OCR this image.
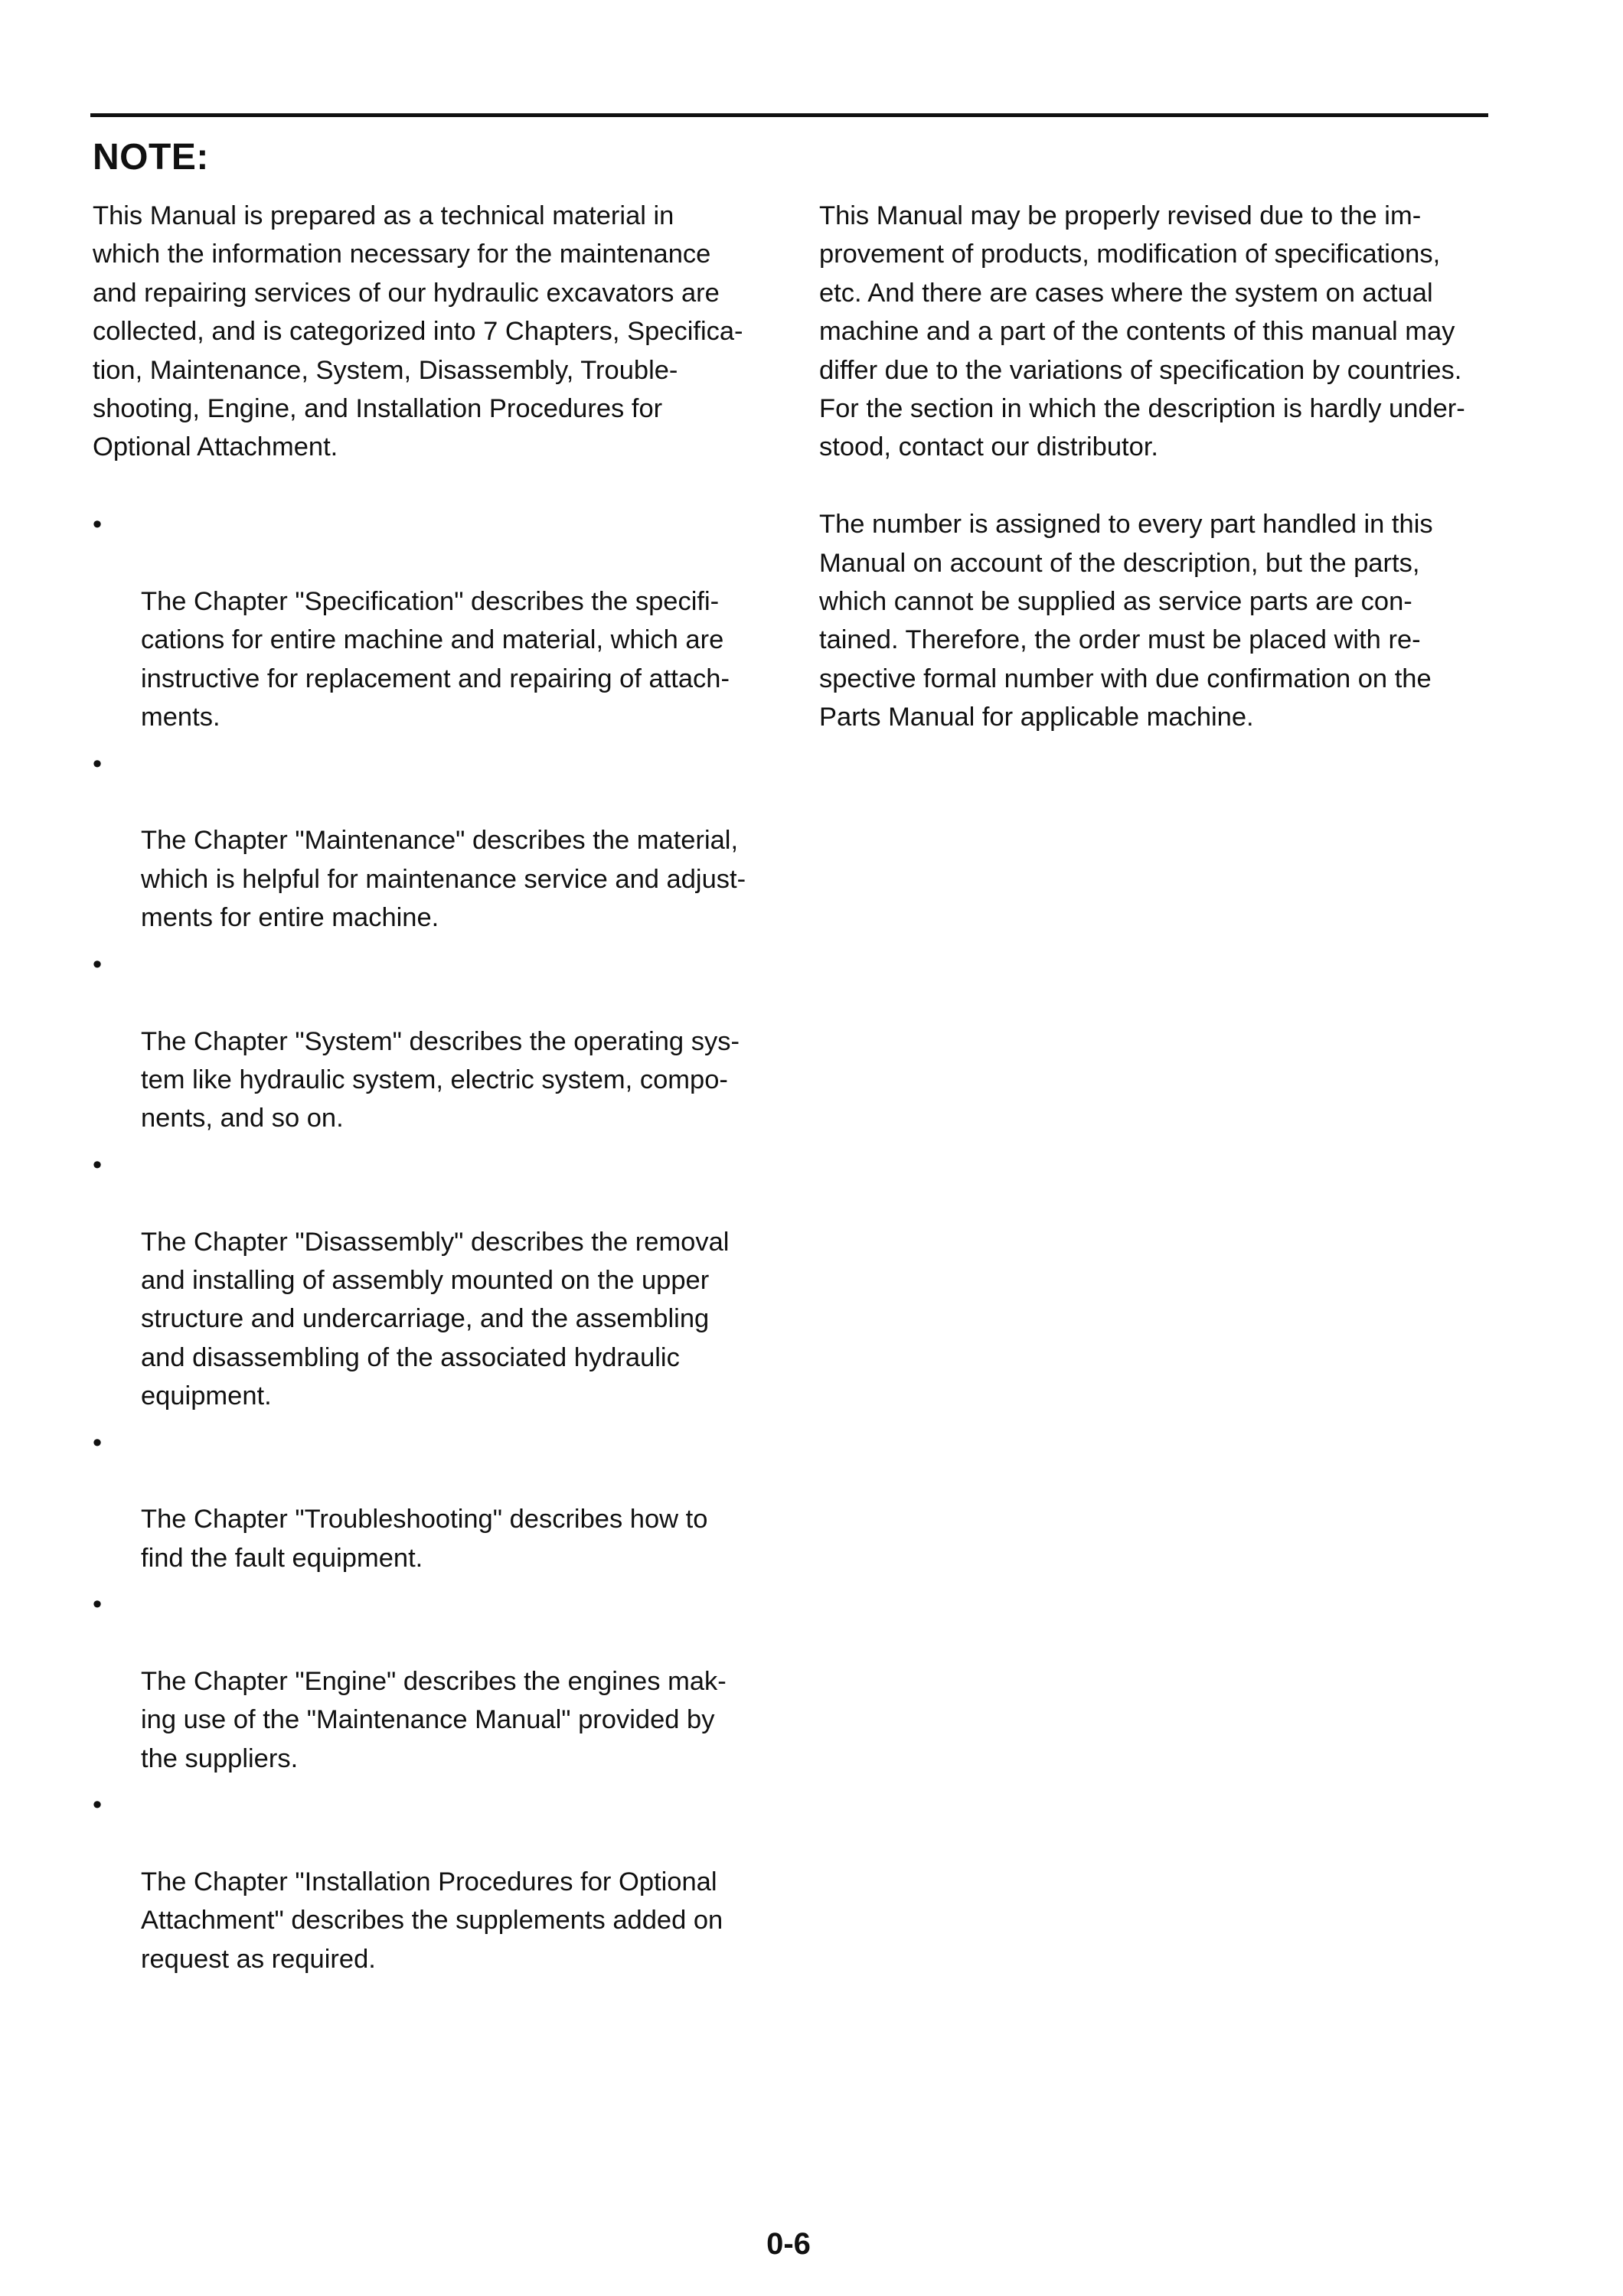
NOTE:

This Manual is prepared as a technical material in
which the information necessary for the maintenance
and repairing services of our hydraulic excavators are
collected, and is categorized into 7 Chapters, Specifica-
tion, Maintenance, System, Disassembly, Trouble-
shooting, Engine, and Installation Procedures for
Optional Attachment.

•

The Chapter "Specification" describes the specifi-
cations for entire machine and material, which are
instructive for replacement and repairing of attach-
ments.

•

The Chapter "Maintenance" describes the material,
which is helpful for maintenance service and adjust-
ments for entire machine.

•

The Chapter "System" describes the operating sys-
tem like hydraulic system, electric system, compo-
nents, and so on.

•

The Chapter "Disassembly" describes the removal
and installing of assembly mounted on the upper
structure and undercarriage, and the assembling
and disassembling of the associated hydraulic
equipment.

•

The Chapter "Troubleshooting" describes how to
find the fault equipment.

•

The Chapter "Engine" describes the engines mak-
ing use of the "Maintenance Manual" provided by
the suppliers.

•

The Chapter "Installation Procedures for Optional
Attachment" describes the supplements added on
request as required.

This Manual may be properly revised due to the im-
provement of products, modification of specifications,
etc. And there are cases where the system on actual
machine and a part of the contents of this manual may
differ due to the variations of specification by countries.
For the section in which the description is hardly under-
stood, contact our distributor.

The number is assigned to every part handled in this
Manual on account of the description, but the parts,
which cannot be supplied as service parts are con-
tained. Therefore, the order must be placed with re-
spective formal number with due confirmation on the
Parts Manual for applicable machine.

0-6
